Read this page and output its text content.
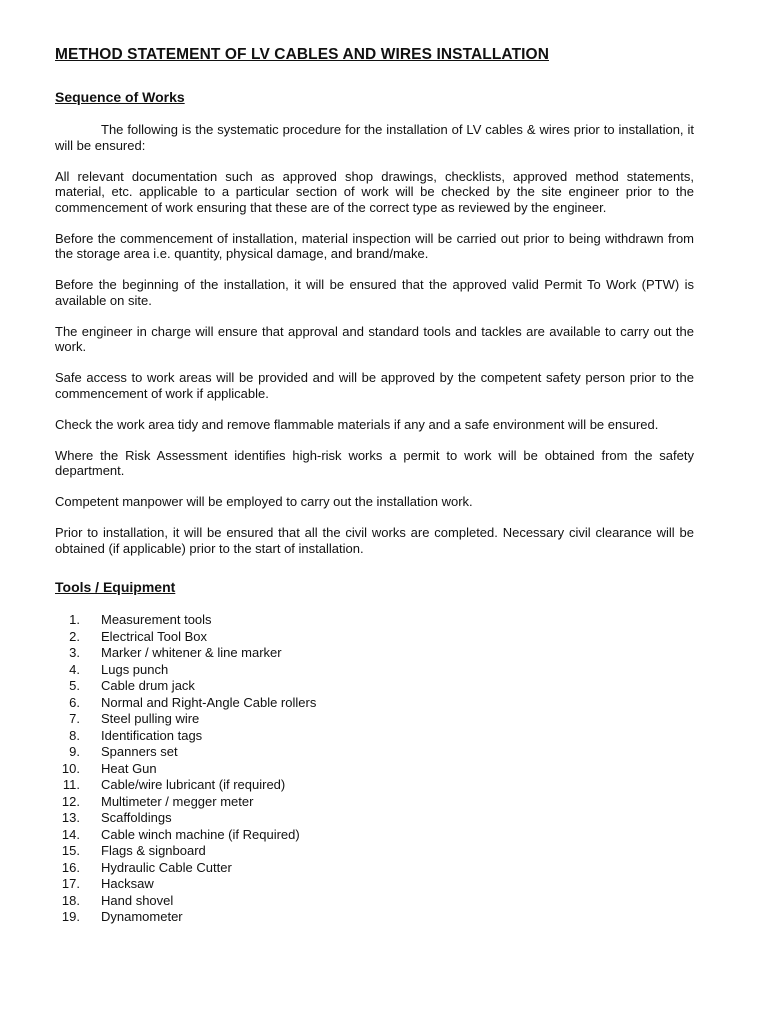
METHOD STATEMENT OF LV CABLES AND WIRES INSTALLATION
Sequence of Works

The following is the systematic procedure for the installation of LV cables & wires prior to installation, it will be ensured:

All relevant documentation such as approved shop drawings, checklists, approved method statements, material, etc. applicable to a particular section of work will be checked by the site engineer prior to the commencement of work ensuring that these are of the correct type as reviewed by the engineer.

Before the commencement of installation, material inspection will be carried out prior to being withdrawn from the storage area i.e. quantity, physical damage, and brand/make.

Before the beginning of the installation, it will be ensured that the approved valid Permit To Work (PTW) is available on site.

The engineer in charge will ensure that approval and standard tools and tackles are available to carry out the work.

Safe access to work areas will be provided and will be approved by the competent safety person prior to the commencement of work if applicable.

Check the work area tidy and remove flammable materials if any and a safe environment will be ensured.

Where the Risk Assessment identifies high-risk works a permit to work will be obtained from the safety department.

Competent manpower will be employed to carry out the installation work.

Prior to installation, it will be ensured that all the civil works are completed. Necessary civil clearance will be obtained (if applicable) prior to the start of installation.

Tools / Equipment
1. Measurement tools
2. Electrical Tool Box
3. Marker / whitener & line marker
4. Lugs punch
5. Cable drum jack
6. Normal and Right-Angle Cable rollers
7. Steel pulling wire
8. Identification tags
9. Spanners set
10. Heat Gun
11. Cable/wire lubricant (if required)
12. Multimeter / megger meter
13. Scaffoldings
14. Cable winch machine (if Required)
15. Flags & signboard
16. Hydraulic Cable Cutter
17. Hacksaw
18. Hand shovel
19. Dynamometer
